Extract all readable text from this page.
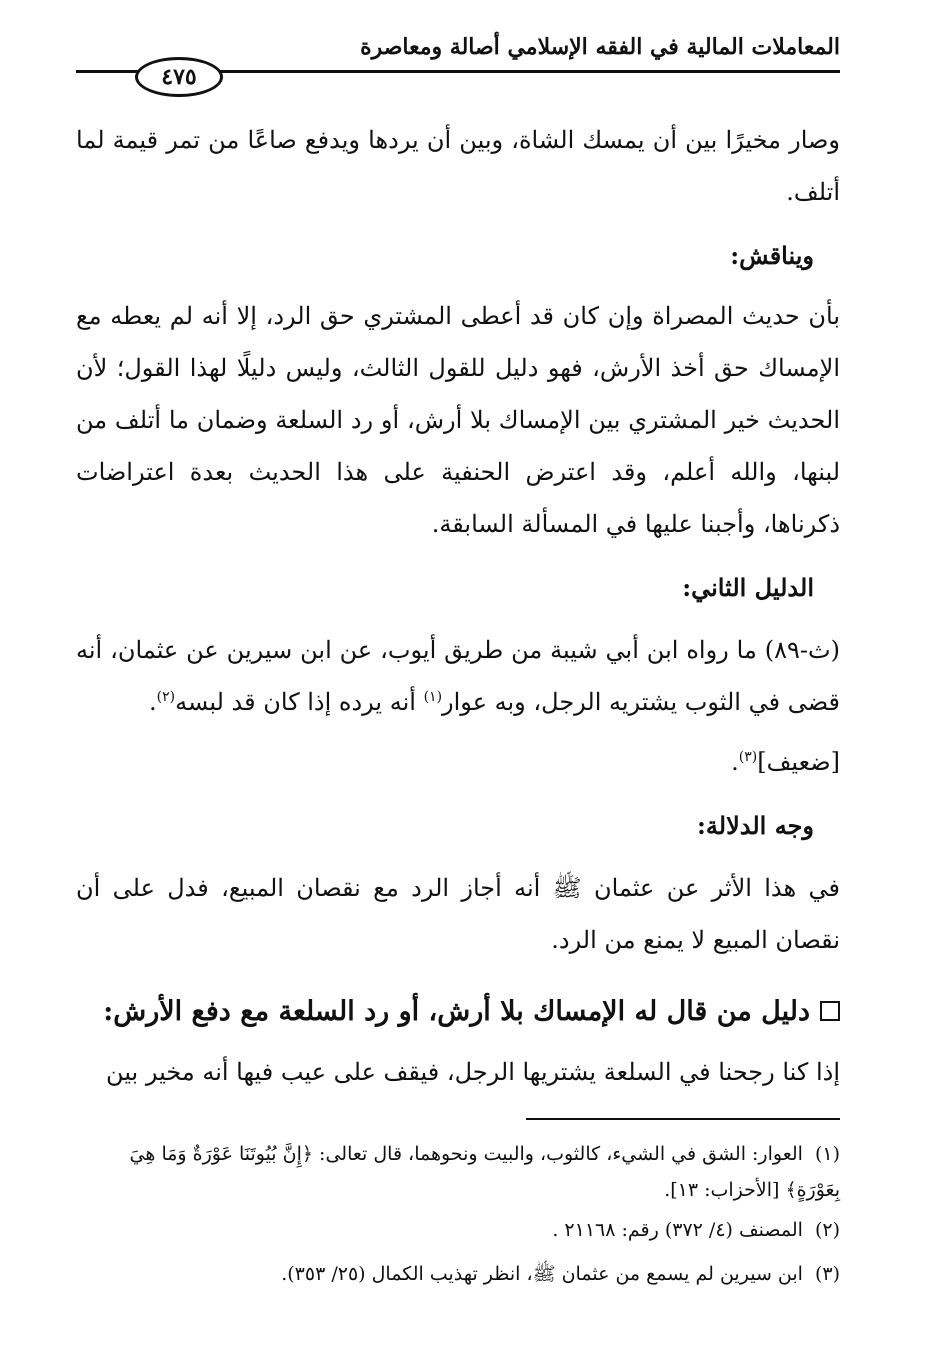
المعاملات المالية في الفقه الإسلامي أصالة ومعاصرة
٤٧٥

وصار مخيرًا بين أن يمسك الشاة، وبين أن يردها ويدفع صاعًا من تمر قيمة لما أتلف.

ويناقش:

بأن حديث المصراة وإن كان قد أعطى المشتري حق الرد، إلا أنه لم يعطه مع الإمساك حق أخذ الأرش، فهو دليل للقول الثالث، وليس دليلًا لهذا القول؛ لأن الحديث خير المشتري بين الإمساك بلا أرش، أو رد السلعة وضمان ما أتلف من لبنها، والله أعلم، وقد اعترض الحنفية على هذا الحديث بعدة اعتراضات ذكرناها، وأجبنا عليها في المسألة السابقة.

الدليل الثاني:

(ث-٨٩) ما رواه ابن أبي شيبة من طريق أيوب، عن ابن سيرين عن عثمان، أنه قضى في الثوب يشتريه الرجل، وبه عوار$^{(١)}$ أنه يرده إذا كان قد لبسه$^{(٢)}$.

[ضعيف]$^{(٣)}$.

وجه الدلالة:

في هذا الأثر عن عثمان ﷺ أنه أجاز الرد مع نقصان المبيع، فدل على أن نقصان المبيع لا يمنع من الرد.

دليل من قال له الإمساك بلا أرش، أو رد السلعة مع دفع الأرش:

إذا كنا رجحنا في السلعة يشتريها الرجل، فيقف على عيب فيها أنه مخير بين

(١)العوار: الشق في الشيء، كالثوب، والبيت ونحوهما، قال تعالى: ﴿إِنَّ بُيُوتَنَا عَوْرَةٌ وَمَا هِيَ بِعَوْرَةٍ﴾ [الأحزاب: ١٣].

(٢)المصنف (٤/ ٣٧٢) رقم: ٢١١٦٨ .

(٣)ابن سيرين لم يسمع من عثمان ﷺ، انظر تهذيب الكمال (٢٥/ ٣٥٣).
